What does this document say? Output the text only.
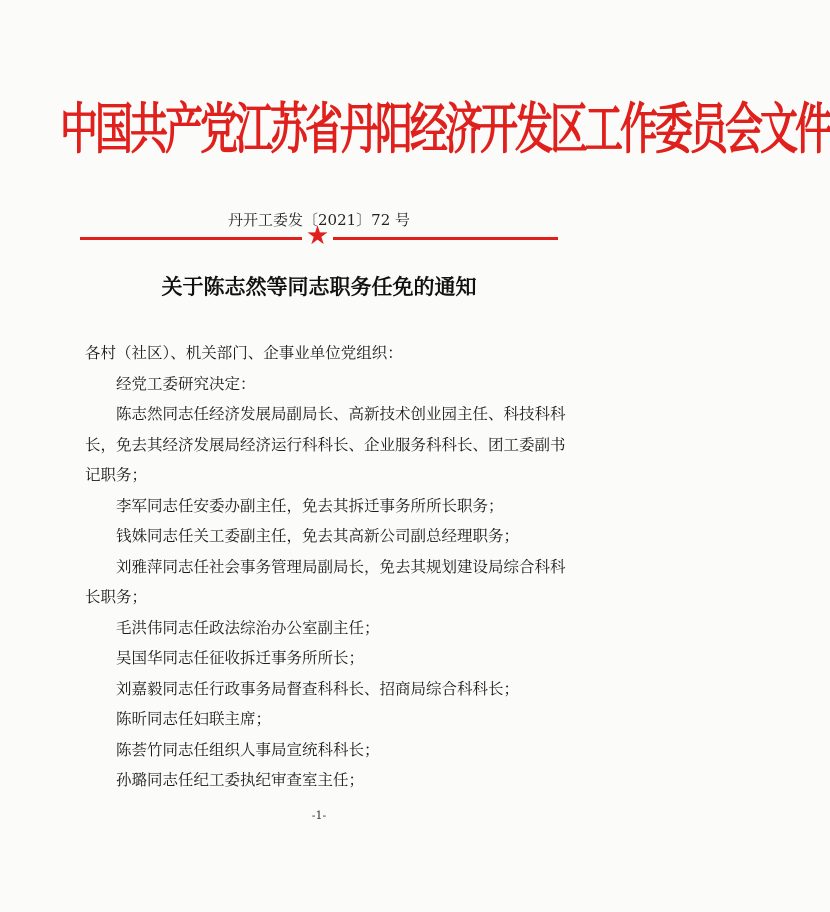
中国共产党江苏省丹阳经济开发区工作委员会文件
丹开工委发〔2021〕72 号
★
关于陈志然等同志职务任免的通知

各村（社区）、机关部门、企事业单位党组织：

经党工委研究决定：

陈志然同志任经济发展局副局长、高新技术创业园主任、科技科科长，免去其经济发展局经济运行科科长、企业服务科科长、团工委副书记职务；

李军同志任安委办副主任，免去其拆迁事务所所长职务；

钱姝同志任关工委副主任，免去其高新公司副总经理职务；

刘雅萍同志任社会事务管理局副局长，免去其规划建设局综合科科长职务；

毛洪伟同志任政法综治办公室副主任；

吴国华同志任征收拆迁事务所所长；

刘嘉毅同志任行政事务局督查科科长、招商局综合科科长；

陈昕同志任妇联主席；

陈荟竹同志任组织人事局宣统科科长；

孙璐同志任纪工委执纪审查室主任；

-1-
